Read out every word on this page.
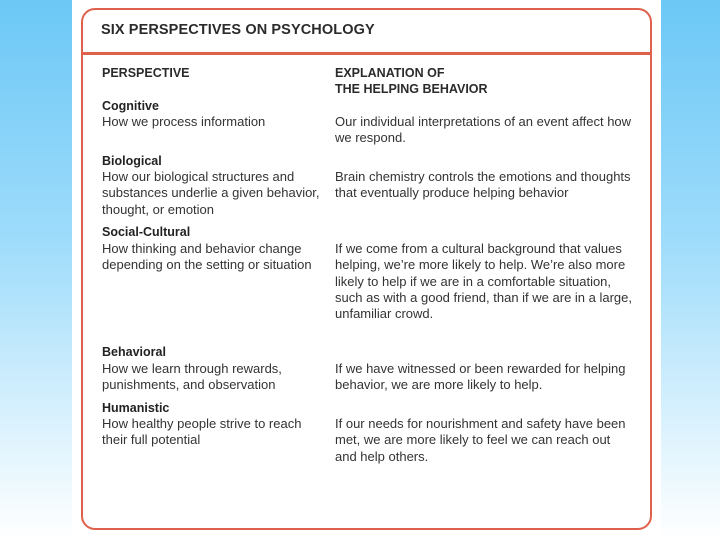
SIX PERSPECTIVES ON PSYCHOLOGY
PERSPECTIVE	EXPLANATION OF
THE HELPING BEHAVIOR
Cognitive
How we process information	Our individual interpretations of an event affect how we respond.
Biological
How our biological structures and substances underlie a given behavior, thought, or emotion
Brain chemistry controls the emotions and thoughts that eventually produce helping behavior
Social-Cultural
How thinking and behavior change depending on the setting or situation
If we come from a cultural background that values helping, we’re more likely to help. We’re also more likely to help if we are in a comfortable situation, such as with a good friend, than if we are in a large, unfamiliar crowd.
Behavioral
How we learn through rewards, punishments, and observation
If we have witnessed or been rewarded for helping behavior, we are more likely to help.
Humanistic
How healthy people strive to reach their full potential
If our needs for nourishment and safety have been met, we are more likely to feel we can reach out and help others.
